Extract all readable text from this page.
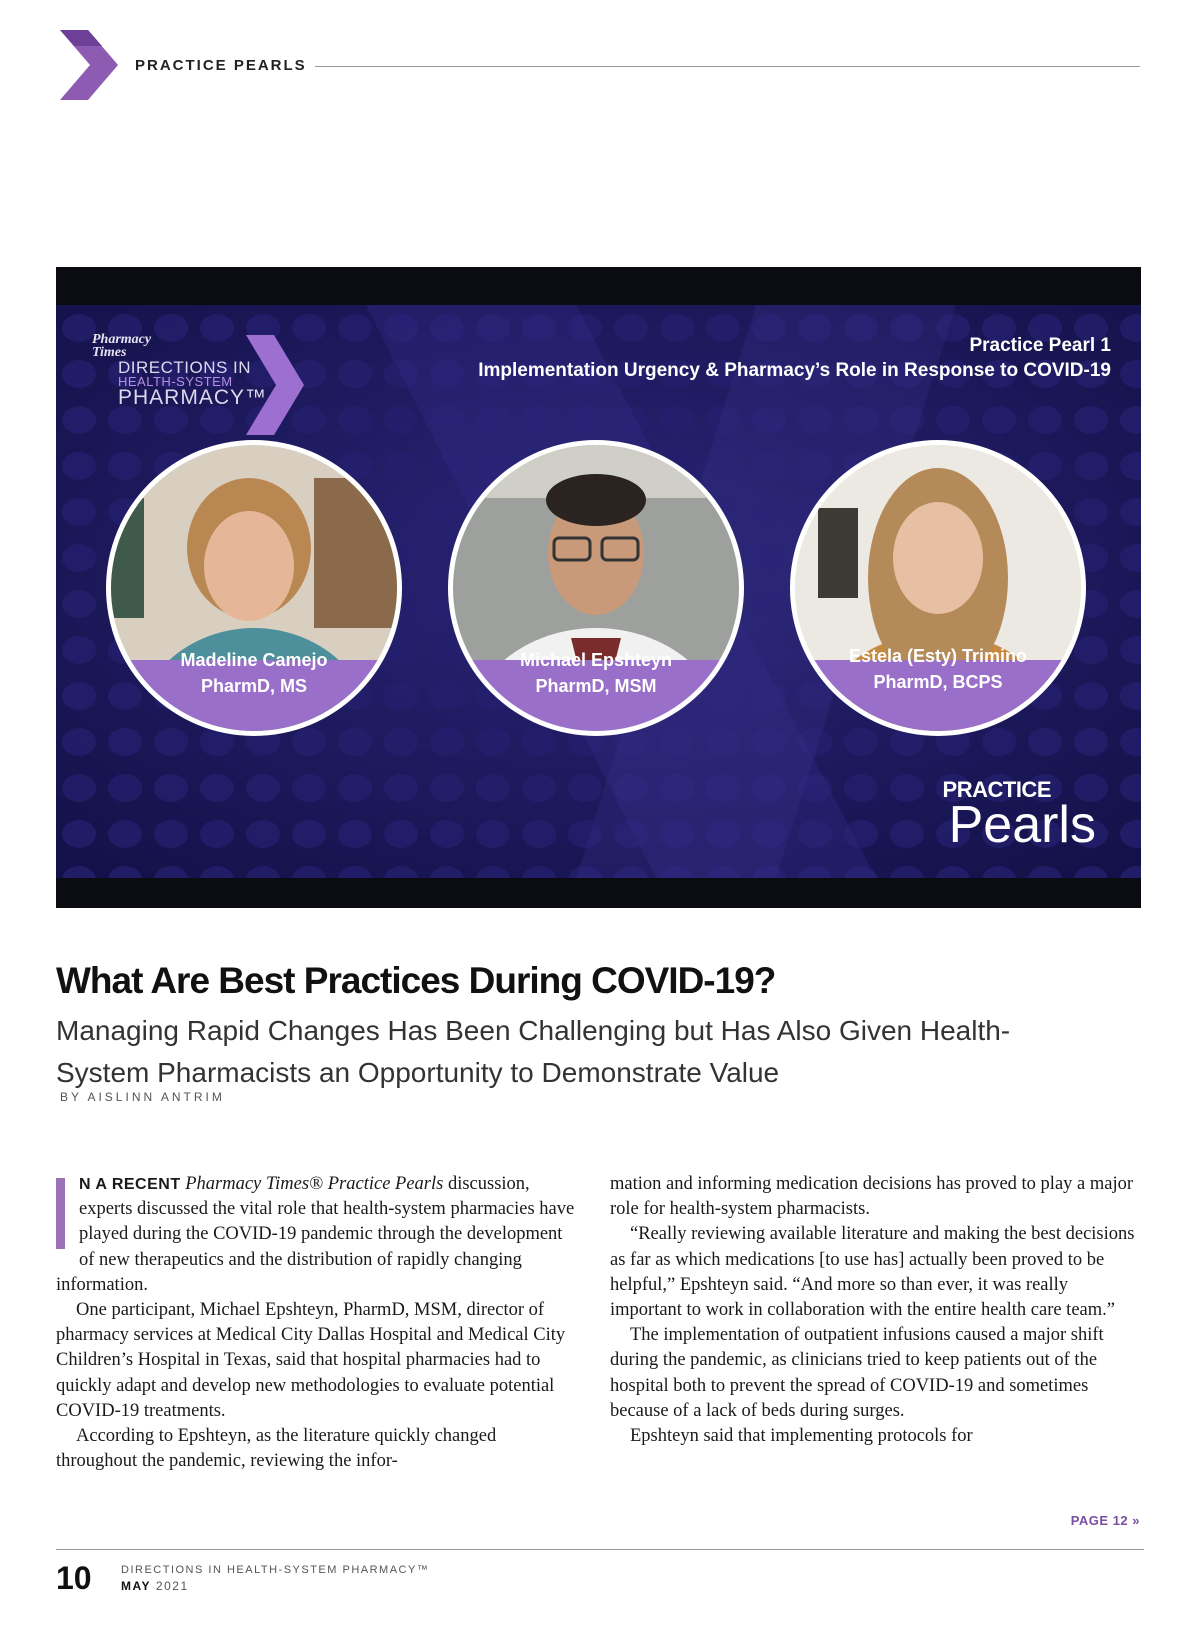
PRACTICE PEARLS
Pharmacy Times
DIRECTIONS IN
HEALTH-SYSTEM
PHARMACY™
Practice Pearl 1
Implementation Urgency & Pharmacy’s Role in Response to COVID-19
Madeline Camejo
PharmD, MS
Michael Epshteyn
PharmD, MSM
Estela (Esty) Trimino
PharmD, BCPS
PRACTICE
Pearls
What Are Best Practices During COVID-19?
Managing Rapid Changes Has Been Challenging but Has Also Given Health-System Pharmacists an Opportunity to Demonstrate Value
BY AISLINN ANTRIM

N A RECENT Pharmacy Times® Practice Pearls discussion, experts discussed the vital role that health-system pharmacies have played during the COVID-19 pandemic through the development of new therapeutics and the distribution of rapidly changing information.

One participant, Michael Epshteyn, PharmD, MSM, director of pharmacy services at Medical City Dallas Hospital and Medical City Children’s Hospital in Texas, said that hospital pharmacies had to quickly adapt and develop new methodologies to evaluate potential COVID-19 treatments.

According to Epshteyn, as the literature quickly changed throughout the pandemic, reviewing the infor-

mation and informing medication decisions has proved to play a major role for health-system pharmacists.

“Really reviewing available literature and making the best decisions as far as which medications [to use has] actually been proved to be helpful,” Epshteyn said. “And more so than ever, it was really important to work in collaboration with the entire health care team.”

The implementation of outpatient infusions caused a major shift during the pandemic, as clinicians tried to keep patients out of the hospital both to prevent the spread of COVID-19 and sometimes because of a lack of beds during surges.

Epshteyn said that implementing protocols for

PAGE 12 »
10	DIRECTIONS IN HEALTH-SYSTEM PHARMACY™
MAY 2021
